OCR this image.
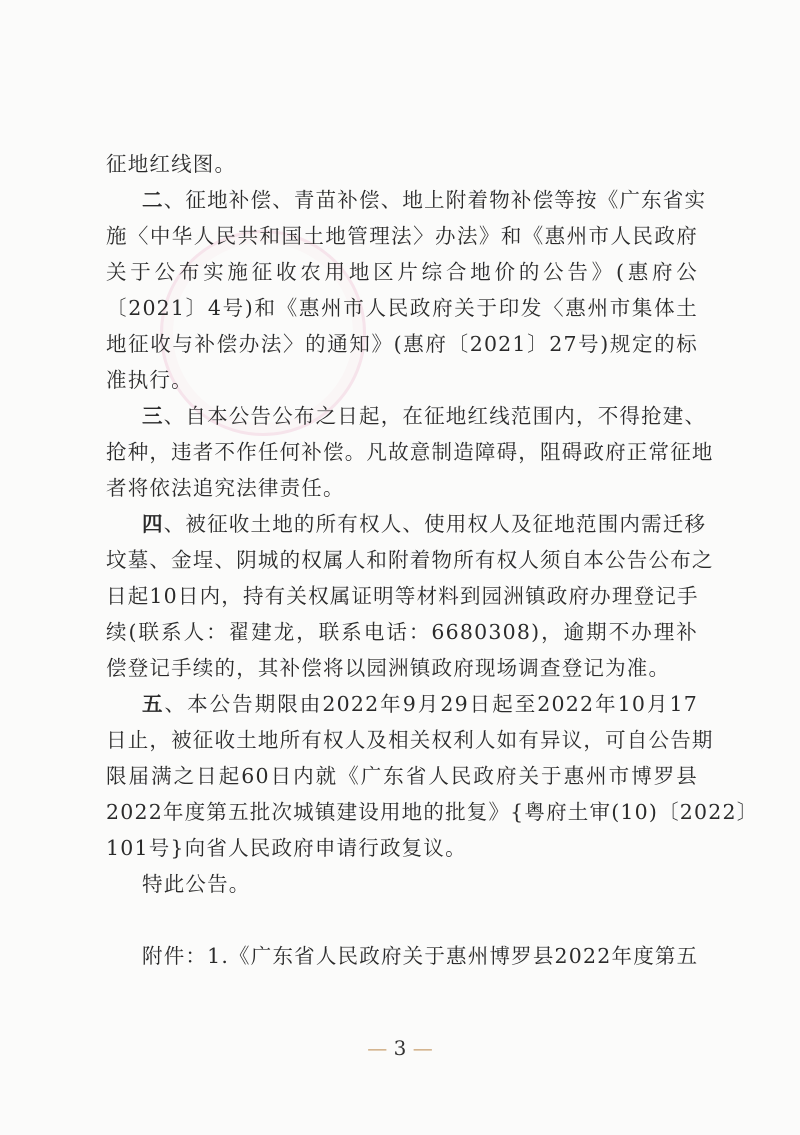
征地红线图。
二、征地补偿、青苗补偿、地上附着物补偿等按《广东省实
施〈中华人民共和国土地管理法〉办法》和《惠州市人民政府
关于公布实施征收农用地区片综合地价的公告》(惠府公
〔2021〕4号)和《惠州市人民政府关于印发〈惠州市集体土
地征收与补偿办法〉的通知》(惠府〔2021〕27号)规定的标
准执行。
三、自本公告公布之日起，在征地红线范围内，不得抢建、
抢种，违者不作任何补偿。凡故意制造障碍，阻碍政府正常征地
者将依法追究法律责任。
四、被征收土地的所有权人、使用权人及征地范围内需迁移
坟墓、金埕、阴城的权属人和附着物所有权人须自本公告公布之
日起10日内，持有关权属证明等材料到园洲镇政府办理登记手
续(联系人：翟建龙，联系电话：6680308)，逾期不办理补
偿登记手续的，其补偿将以园洲镇政府现场调查登记为准。
五、本公告期限由2022年9月29日起至2022年10月17
日止，被征收土地所有权人及相关权利人如有异议，可自公告期
限届满之日起60日内就《广东省人民政府关于惠州市博罗县
2022年度第五批次城镇建设用地的批复》{粤府土审(10)〔2022〕
101号}向省人民政府申请行政复议。
特此公告。
附件：1.《广东省人民政府关于惠州博罗县2022年度第五
— 3 —
